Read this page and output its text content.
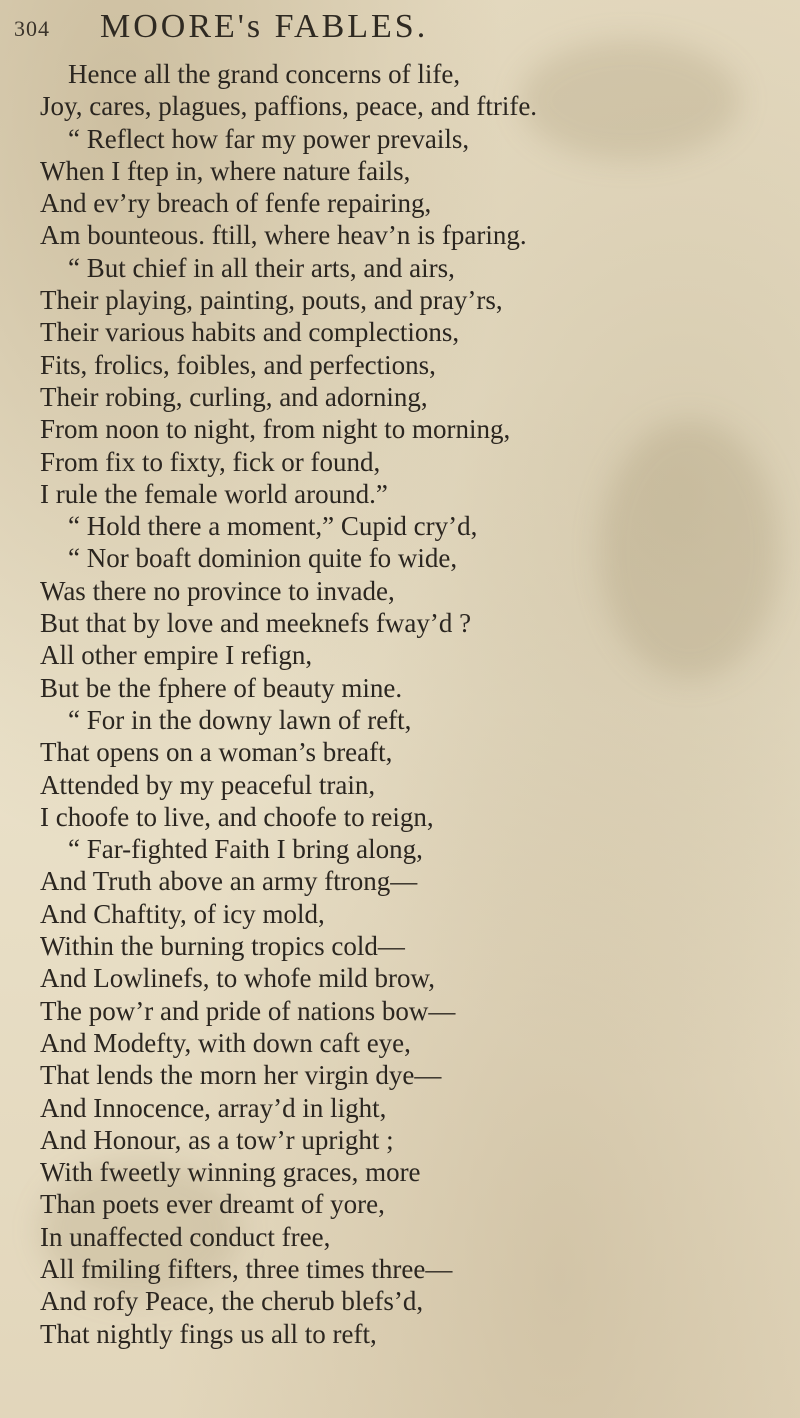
304 MOORE's FABLES.
Hence all the grand concerns of life,
Joy, cares, plagues, paffions, peace, and ftrife.
“ Reflect how far my power prevails,
When I ftep in, where nature fails,
And ev’ry breach of fenfe repairing,
Am bounteous. ftill, where heav’n is fparing.
“ But chief in all their arts, and airs,
Their playing, painting, pouts, and pray’rs,
Their various habits and complections,
Fits, frolics, foibles, and perfections,
Their robing, curling, and adorning,
From noon to night, from night to morning,
From fix to fixty, fick or found,
I rule the female world around.”
“ Hold there a moment,” Cupid cry’d,
“ Nor boaft dominion quite fo wide,
Was there no province to invade,
But that by love and meeknefs fway’d ?
All other empire I refign,
But be the fphere of beauty mine.
“ For in the downy lawn of reft,
That opens on a woman’s breaft,
Attended by my peaceful train,
I choofe to live, and choofe to reign,
“ Far-fighted Faith I bring along,
And Truth above an army ftrong—
And Chaftity, of icy mold,
Within the burning tropics cold—
And Lowlinefs, to whofe mild brow,
The pow’r and pride of nations bow—
And Modefty, with down caft eye,
That lends the morn her virgin dye—
And Innocence, array’d in light,
And Honour, as a tow’r upright ;
With fweetly winning graces, more
Than poets ever dreamt of yore,
In unaffected conduct free,
All fmiling fifters, three times three—
And rofy Peace, the cherub blefs’d,
That nightly fings us all to reft,
